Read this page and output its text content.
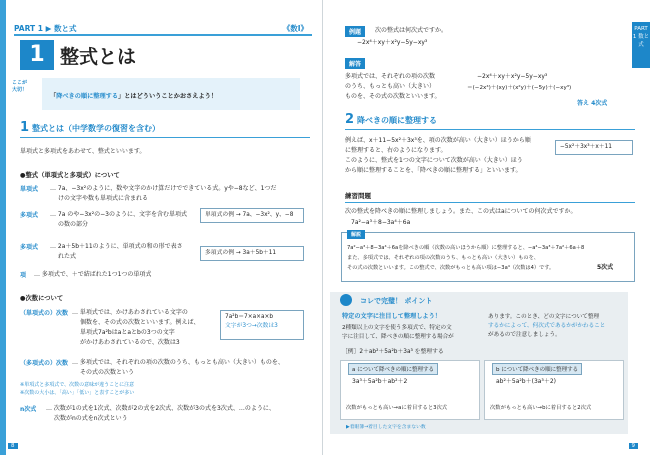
PART 1 ▶ 数と式	《数Ⅰ》
1 整式とは
ここが
大切！
「降べきの順に整理する」とはどういうことかおさえよう！
1 整式とは（中学数学の復習を含む）
単項式と多項式をあわせて、整式といいます。
●整式（単項式と多項式）について
単項式 … 7a、−3x²のように、数や文字のかけ算だけでできている式。yや−8など、1つだ
けの文字や数も単項式に含まれる
多項式 … 7a のや−3x²の−3のように、文字を含む単項式
の数の部分
単項式の例 → 7a、−3x²、y、−8
多項式 … 2a＋5b＋11のように、単項式の和の形で表さ
れた式	多項式の例 → 3a＋5b＋11
項 … 多項式で、＋で結ばれた1つ1つの単項式
●次数について
（単項式の）次数 … 単項式では、かけあわされている文字の
個数を、その式の次数といいます。例えば、
単項式7a²bはaとaとbの3つの文字
がかけあわされているので、次数は3
7a²b＝7×a×a×b
文字が3つ→次数は3
（多項式の）次数 … 多項式では、それぞれの項の次数のうち、もっとも高い（大きい）ものを、
その式の次数という
※単項式と多項式で、次数の意味が違うことに注意
※次数の大小は、「高い」「低い」と表すことが多い
n次式 … 次数が1の式を1次式、次数が2の式を2次式、次数が3の式を3次式、…のように、
次数がnの式をn次式という
8
PART 1 数と式
例題	次の整式は何次式ですか。
−2x⁴＋xy＋x²y−5y−xy³
解答
多項式では、それぞれの項の次数
のうち、もっとも高い（大きい）
ものを、その式の次数といいます。
−2x⁴＋xy＋x²y−5y−xy³
＝(−2x⁴)＋(xy)＋(x²y)＋(−5y)＋(−xy³)
答え 4次式
2 降べきの順に整理する
例えば、x＋11−5x²＋3x³を、項の次数が高い（大きい）ほうから順
に整理すると、右のようになります。
このように、整式を1つの文字について次数が高い（大きい）ほう
から順に整理することを、「降べきの順に整理する」といいます。
−5x²＋3x³＋x＋11
練習問題
次の整式を降べきの順に整理しましょう。また、この式はaについての何次式ですか。
7a²−a³＋8−3a⁴＋6a
解説
7a²−a³＋8−3a⁴＋6aを降べきの順（次数の高いほうから順）に整理すると、−a⁴−3a³＋7a²＋6a＋8
また、多項式では、それぞれの項の次数のうち、もっとも高い（大きい）ものを、
その式の次数といいます。この整式で、次数がもっとも高い項は−3a⁴（次数は4）です。	5次式
9
コレで完璧！ ポイント
特定の文字に注目して整理しよう！
2種類以上の文字を使う多項式で、特定の文
字に注目して、降べきの順に整理する場合が
あります。このとき、どの文字について整理
するかによって、何次式であるかがかわること
があるので注意しましょう。
［例］2＋ab²＋5a²b＋3a³ を整理する
a について降べきの順に整理する	b について降べきの順に整理する
3a³＋5a²b＋ab²＋2	ab²＋5a²b＋(3a³＋2)
次数がもっとも高い→aに着目すると3次式	次数がもっとも高い→bに着目すると2次式
▶着眼簿→着目した文字を含まない数
